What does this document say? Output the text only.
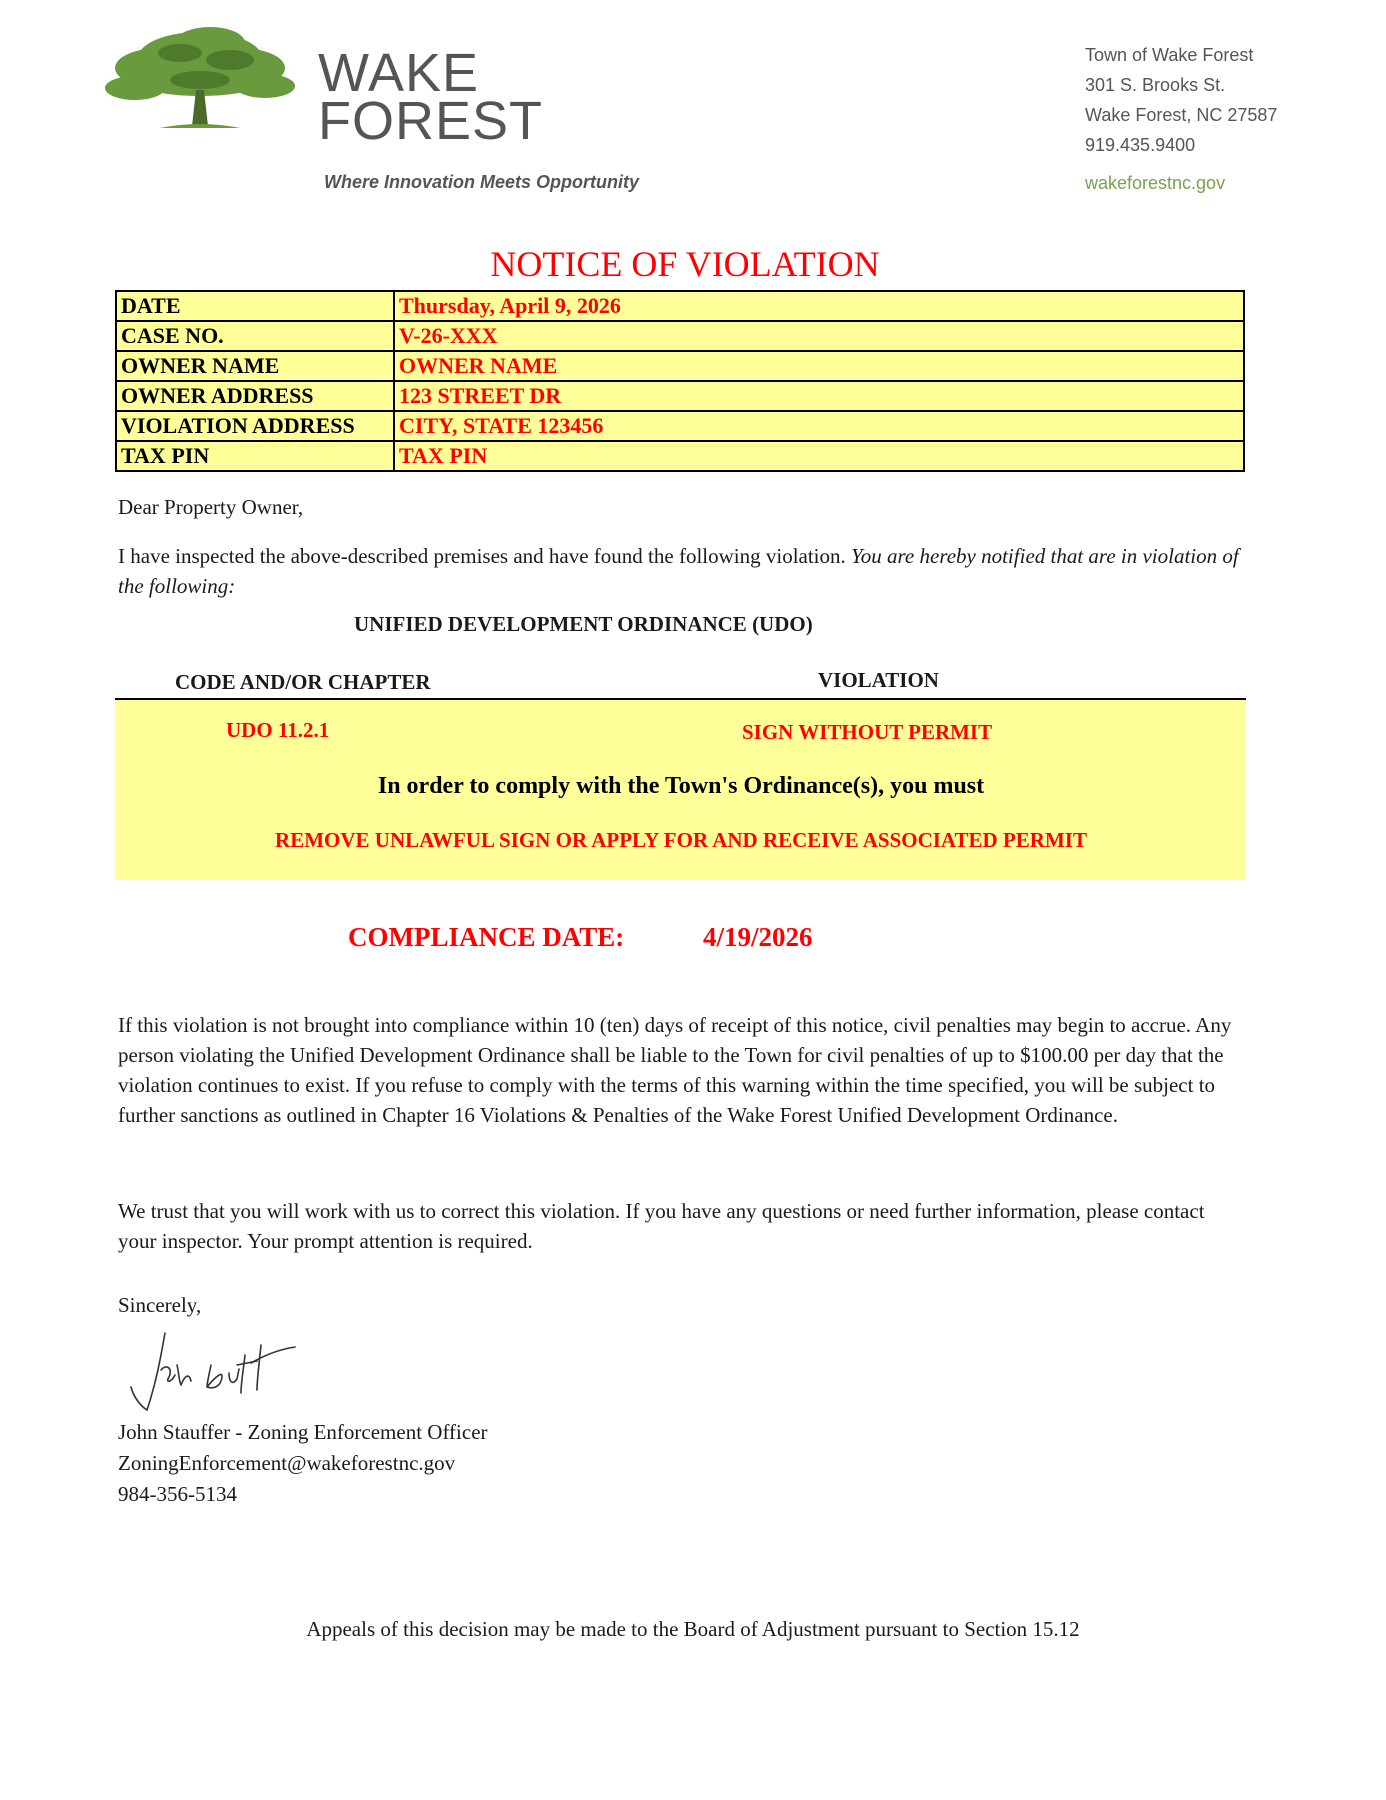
WAKE
FOREST
Where Innovation Meets Opportunity
Town of Wake Forest
301 S. Brooks St.
Wake Forest, NC 27587
919.435.9400
wakeforestnc.gov
NOTICE OF VIOLATION
DATE	Thursday, April 9, 2026
CASE NO.	V-26-XXX
OWNER NAME	OWNER NAME
OWNER ADDRESS	123 STREET DR
VIOLATION ADDRESS	CITY, STATE 123456
TAX PIN	TAX PIN
Dear Property Owner,
I have inspected the above-described premises and have found the following violation. You are hereby notified that are in violation of the following:
UNIFIED DEVELOPMENT ORDINANCE (UDO)
CODE AND/OR CHAPTER	VIOLATION
UDO 11.2.1	SIGN WITHOUT PERMIT
In order to comply with the Town's Ordinance(s), you must
REMOVE UNLAWFUL SIGN OR APPLY FOR AND RECEIVE ASSOCIATED PERMIT
COMPLIANCE DATE:	4/19/2026
If this violation is not brought into compliance within 10 (ten) days of receipt of this notice, civil penalties may begin to accrue. Any person violating the Unified Development Ordinance shall be liable to the Town for civil penalties of up to $100.00 per day that the violation continues to exist. If you refuse to comply with the terms of this warning within the time specified, you will be subject to further sanctions as outlined in Chapter 16 Violations & Penalties of the Wake Forest Unified Development Ordinance.
We trust that you will work with us to correct this violation. If you have any questions or need further information, please contact your inspector. Your prompt attention is required.
Sincerely,
John Stauffer - Zoning Enforcement Officer
ZoningEnforcement@wakeforestnc.gov
984-356-5134
Appeals of this decision may be made to the Board of Adjustment pursuant to Section 15.12
